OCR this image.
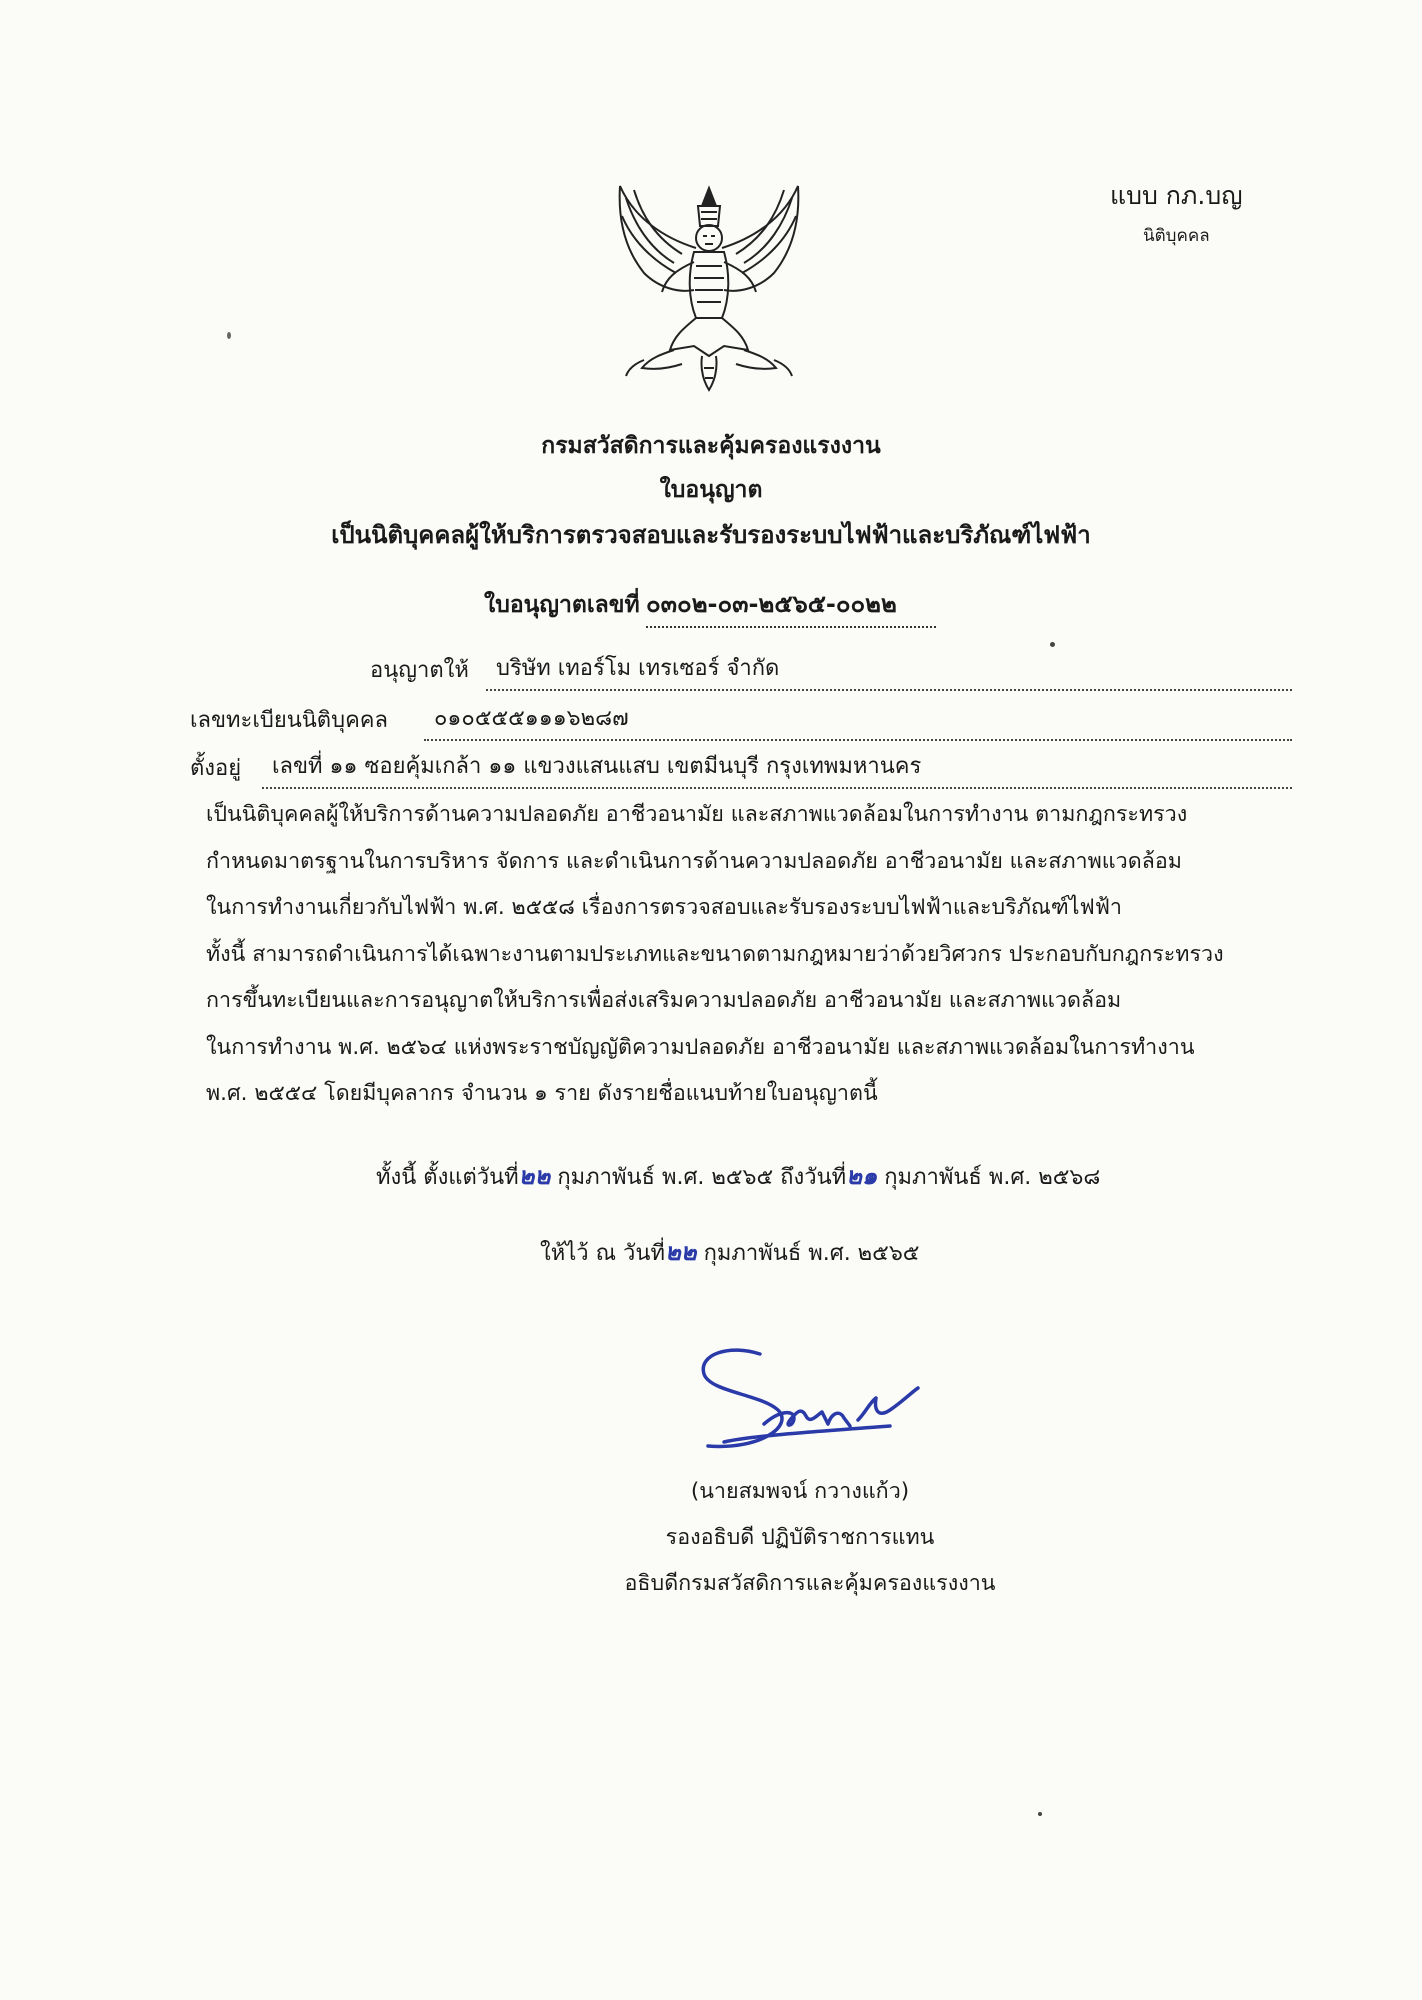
แบบ กภ.บญ
นิติบุคคล
กรมสวัสดิการและคุ้มครองแรงงาน
ใบอนุญาต
เป็นนิติบุคคลผู้ให้บริการตรวจสอบและรับรองระบบไฟฟ้าและบริภัณฑ์ไฟฟ้า
ใบอนุญาตเลขที่ ๐๓๐๒-๐๓-๒๕๖๕-๐๐๒๒
อนุญาตให้	บริษัท เทอร์โม เทรเซอร์ จำกัด
เลขทะเบียนนิติบุคคล	๐๑๐๕๕๕๑๑๑๖๒๘๗
ตั้งอยู่	เลขที่ ๑๑ ซอยคุ้มเกล้า ๑๑ แขวงแสนแสบ เขตมีนบุรี กรุงเทพมหานคร
เป็นนิติบุคคลผู้ให้บริการด้านความปลอดภัย อาชีวอนามัย และสภาพแวดล้อมในการทำงาน ตามกฎกระทรวง
กำหนดมาตรฐานในการบริหาร จัดการ และดำเนินการด้านความปลอดภัย อาชีวอนามัย และสภาพแวดล้อม
ในการทำงานเกี่ยวกับไฟฟ้า พ.ศ. ๒๕๕๘ เรื่องการตรวจสอบและรับรองระบบไฟฟ้าและบริภัณฑ์ไฟฟ้า
ทั้งนี้ สามารถดำเนินการได้เฉพาะงานตามประเภทและขนาดตามกฎหมายว่าด้วยวิศวกร ประกอบกับกฎกระทรวง
การขึ้นทะเบียนและการอนุญาตให้บริการเพื่อส่งเสริมความปลอดภัย อาชีวอนามัย และสภาพแวดล้อม
ในการทำงาน พ.ศ. ๒๕๖๔ แห่งพระราชบัญญัติความปลอดภัย อาชีวอนามัย และสภาพแวดล้อมในการทำงาน
พ.ศ. ๒๕๕๔ โดยมีบุคลากร จำนวน ๑ ราย ดังรายชื่อแนบท้ายใบอนุญาตนี้
ทั้งนี้ ตั้งแต่วันที่๒๒ กุมภาพันธ์ พ.ศ. ๒๕๖๕ ถึงวันที่๒๑ กุมภาพันธ์ พ.ศ. ๒๕๖๘
ให้ไว้ ณ วันที่๒๒ กุมภาพันธ์ พ.ศ. ๒๕๖๕
(นายสมพจน์ กวางแก้ว)
รองอธิบดี ปฏิบัติราชการแทน
อธิบดีกรมสวัสดิการและคุ้มครองแรงงาน
